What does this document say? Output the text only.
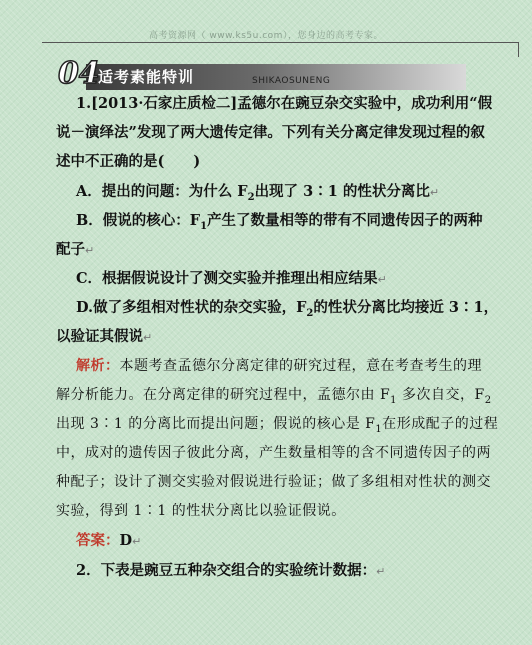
高考资源网（ www.ks5u.com），您身边的高考专家。
04
适考素能特训	SHIKAOSUNENG
1.[2013·石家庄质检二]孟德尔在豌豆杂交实验中，成功利用“假
说－演绎法”发现了两大遗传定律。下列有关分离定律发现过程的叙
述中不正确的是(　　)
A．提出的问题：为什么 $F_2$出现了 3∶1 的性状分离比↵
B．假说的核心：$F_1$产生了数量相等的带有不同遗传因子的两种
配子↵
C．根据假说设计了测交实验并推理出相应结果↵
D.做了多组相对性状的杂交实验，$F_2$的性状分离比均接近 3∶1，
以验证其假说↵
解析：本题考查孟德尔分离定律的研究过程，意在考查考生的理
解分析能力。在分离定律的研究过程中，孟德尔由 $F_1$ 多次自交，$F_2$
出现 3∶1 的分离比而提出问题；假说的核心是 $F_1$在形成配子的过程
中，成对的遗传因子彼此分离，产生数量相等的含不同遗传因子的两
种配子；设计了测交实验对假说进行验证；做了多组相对性状的测交
实验，得到 1∶1 的性状分离比以验证假说。
答案：D↵
2．下表是豌豆五种杂交组合的实验统计数据：↵
